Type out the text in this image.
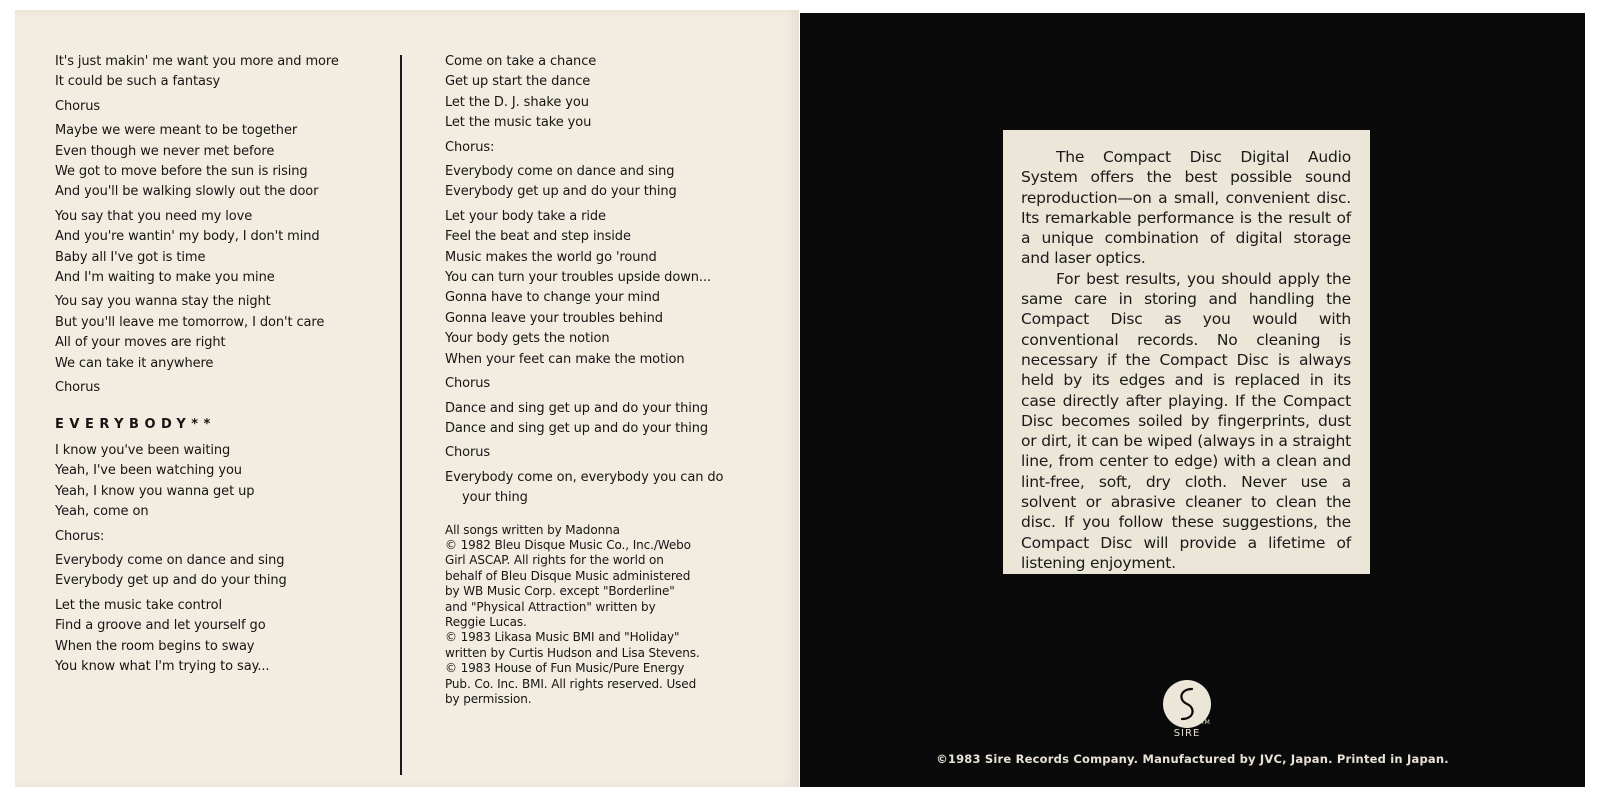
It's just makin' me want you more and more
It could be such a fantasy
Chorus
Maybe we were meant to be together
Even though we never met before
We got to move before the sun is rising
And you'll be walking slowly out the door
You say that you need my love
And you're wantin' my body, I don't mind
Baby all I've got is time
And I'm waiting to make you mine
You say you wanna stay the night
But you'll leave me tomorrow, I don't care
All of your moves are right
We can take it anywhere
Chorus
EVERYBODY**
I know you've been waiting
Yeah, I've been watching you
Yeah, I know you wanna get up
Yeah, come on
Chorus:
Everybody come on dance and sing
Everybody get up and do your thing
Let the music take control
Find a groove and let yourself go
When the room begins to sway
You know what I'm trying to say...
Come on take a chance
Get up start the dance
Let the D. J. shake you
Let the music take you
Chorus:
Everybody come on dance and sing
Everybody get up and do your thing
Let your body take a ride
Feel the beat and step inside
Music makes the world go 'round
You can turn your troubles upside down...
Gonna have to change your mind
Gonna leave your troubles behind
Your body gets the notion
When your feet can make the motion
Chorus
Dance and sing get up and do your thing
Dance and sing get up and do your thing
Chorus
Everybody come on, everybody you can do
your thing
All songs written by Madonna
© 1982 Bleu Disque Music Co., Inc./Webo
Girl ASCAP. All rights for the world on
behalf of Bleu Disque Music administered
by WB Music Corp. except "Borderline"
and "Physical Attraction" written by
Reggie Lucas.
© 1983 Likasa Music BMI and "Holiday"
written by Curtis Hudson and Lisa Stevens.
© 1983 House of Fun Music/Pure Energy
Pub. Co. Inc. BMI. All rights reserved. Used
by permission.

The Compact Disc Digital Audio System offers the best possible sound reproduction—on a small, convenient disc. Its remarkable performance is the result of a unique combination of digital storage and laser optics.

For best results, you should apply the same care in storing and handling the Compact Disc as you would with conventional records. No cleaning is necessary if the Compact Disc is always held by its edges and is replaced in its case directly after playing. If the Compact Disc becomes soiled by fingerprints, dust or dirt, it can be wiped (always in a straight line, from center to edge) with a clean and lint-free, soft, dry cloth. Never use a solvent or abrasive cleaner to clean the disc. If you follow these suggestions, the Compact Disc will provide a lifetime of listening enjoyment.

SIRE
TM
©1983 Sire Records Company. Manufactured by JVC, Japan. Printed in Japan.
